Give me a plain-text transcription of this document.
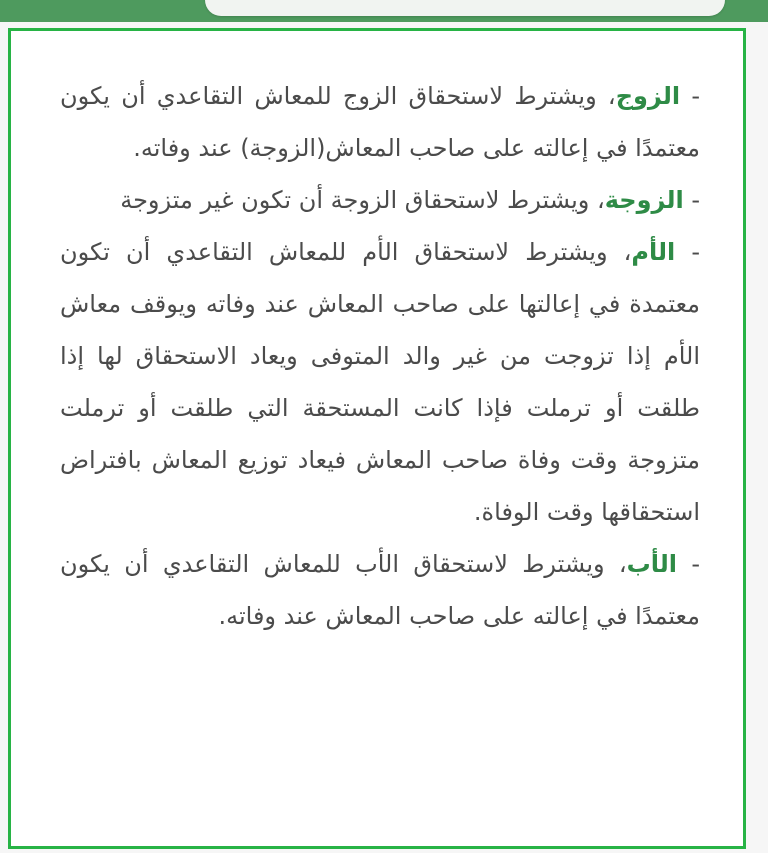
- الزوج، ويشترط لاستحقاق الزوج للمعاش التقاعدي أن يكون معتمدًا في إعالته على صاحب المعاش(الزوجة) عند وفاته.

- الزوجة، ويشترط لاستحقاق الزوجة أن تكون غير متزوجة

- الأم، ويشترط لاستحقاق الأم للمعاش التقاعدي أن تكون معتمدة في إعالتها على صاحب المعاش عند وفاته ويوقف معاش الأم إذا تزوجت من غير والد المتوفى ويعاد الاستحقاق لها إذا طلقت أو ترملت فإذا كانت المستحقة التي طلقت أو ترملت متزوجة وقت وفاة صاحب المعاش فيعاد توزيع المعاش بافتراض استحقاقها وقت الوفاة.

- الأب، ويشترط لاستحقاق الأب للمعاش التقاعدي أن يكون معتمدًا في إعالته على صاحب المعاش عند وفاته.
